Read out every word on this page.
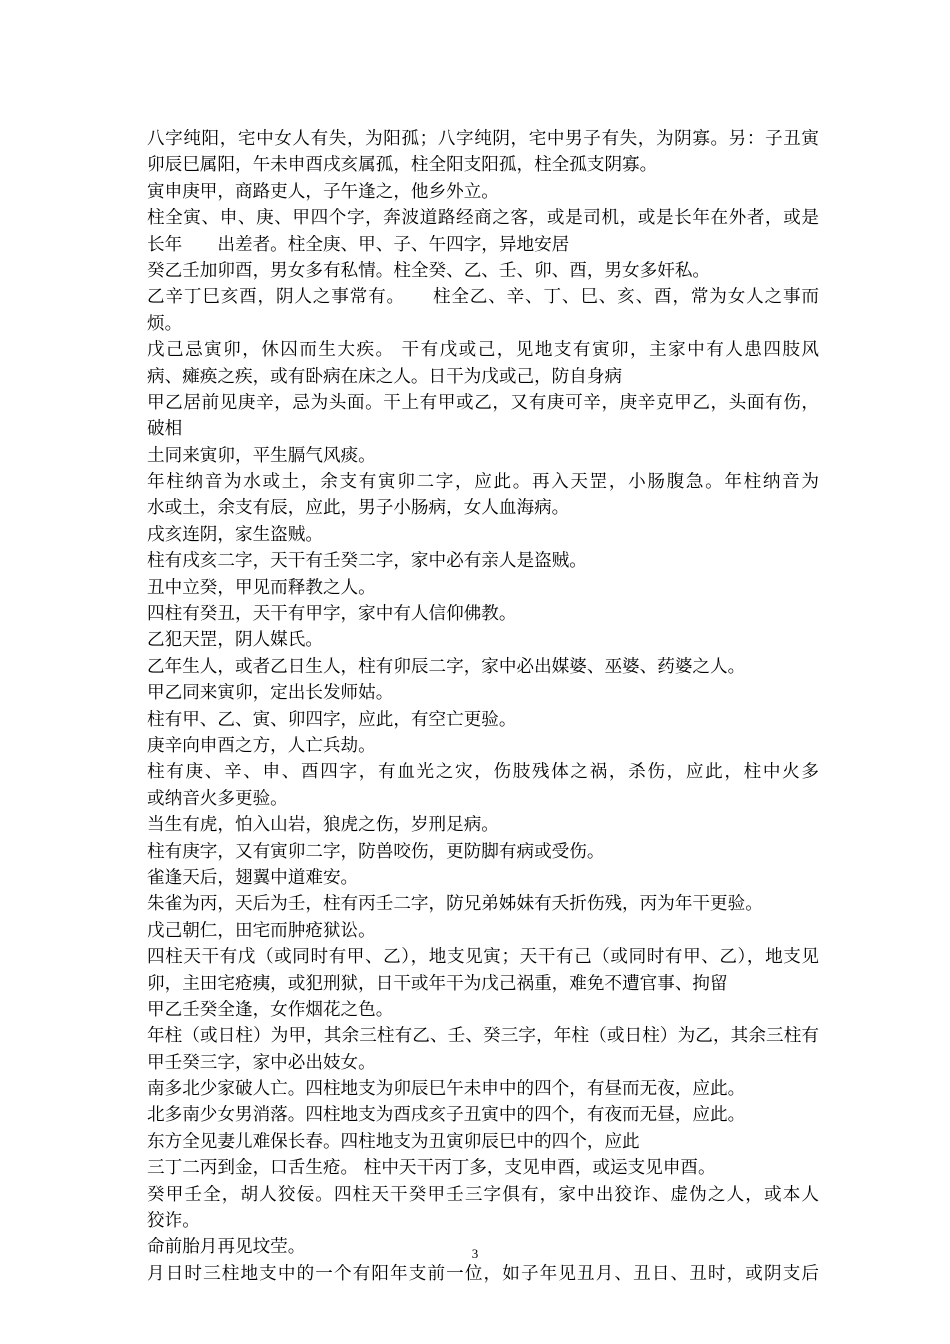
八字纯阳，宅中女人有失，为阳孤；八字纯阴，宅中男子有失，为阴寡。另：子丑寅
卯辰巳属阳，午未申酉戌亥属孤，柱全阳支阳孤，柱全孤支阴寡。
寅申庚甲，商路吏人，子午逢之，他乡外立。
柱全寅、申、庚、甲四个字，奔波道路经商之客，或是司机，或是长年在外者，或是
长年　　出差者。柱全庚、甲、子、午四字，异地安居
癸乙壬加卯酉，男女多有私情。柱全癸、乙、壬、卯、酉，男女多奸私。
乙辛丁巳亥酉，阴人之事常有。　　柱全乙、辛、丁、巳、亥、酉，常为女人之事而
烦。
戊己忌寅卯，休囚而生大疾。 干有戊或己，见地支有寅卯，主家中有人患四肢风
病、瘫痪之疾，或有卧病在床之人。日干为戊或己，防自身病
甲乙居前见庚辛，忌为头面。干上有甲或乙，又有庚可辛，庚辛克甲乙，头面有伤，
破相
土同来寅卯，平生膈气风痰。
年柱纳音为水或土，余支有寅卯二字，应此。再入天罡，小肠腹急。年柱纳音为
水或土，余支有辰，应此，男子小肠病，女人血海病。
戌亥连阴，家生盗贼。
柱有戌亥二字，天干有壬癸二字，家中必有亲人是盗贼。
丑中立癸，甲见而释教之人。
四柱有癸丑，天干有甲字，家中有人信仰佛教。
乙犯天罡，阴人媒氏。
乙年生人，或者乙日生人，柱有卯辰二字，家中必出媒婆、巫婆、药婆之人。
甲乙同来寅卯，定出长发师姑。
柱有甲、乙、寅、卯四字，应此，有空亡更验。
庚辛向申酉之方，人亡兵劫。
柱有庚、辛、申、酉四字，有血光之灾，伤肢残体之祸，杀伤，应此，柱中火多
或纳音火多更验。
当生有虎，怕入山岩，狼虎之伤，岁刑足病。
柱有庚字，又有寅卯二字，防兽咬伤，更防脚有病或受伤。
雀逢天后，翅翼中道难安。
朱雀为丙，天后为壬，柱有丙壬二字，防兄弟姊妹有夭折伤残，丙为年干更验。
戊己朝仁，田宅而肿疮狱讼。
四柱天干有戊（或同时有甲、乙），地支见寅；天干有己（或同时有甲、乙），地支见
卯，主田宅疮痍，或犯刑狱，日干或年干为戊己祸重，难免不遭官事、拘留
甲乙壬癸全逢，女作烟花之色。
年柱（或日柱）为甲，其余三柱有乙、壬、癸三字，年柱（或日柱）为乙，其余三柱有
甲壬癸三字，家中必出妓女。
南多北少家破人亡。四柱地支为卯辰巳午未申中的四个，有昼而无夜，应此。
北多南少女男消落。四柱地支为酉戌亥子丑寅中的四个，有夜而无昼，应此。
东方全见妻儿难保长春。四柱地支为丑寅卯辰巳中的四个，应此
三丁二丙到金，口舌生疮。 柱中天干丙丁多，支见申酉，或运支见申酉。
癸甲壬全，胡人狡佞。四柱天干癸甲壬三字俱有，家中出狡诈、虚伪之人，或本人
狡诈。
命前胎月再见坟茔。
月日时三柱地支中的一个有阳年支前一位，如子年见丑月、丑日、丑时，或阴支后
3
